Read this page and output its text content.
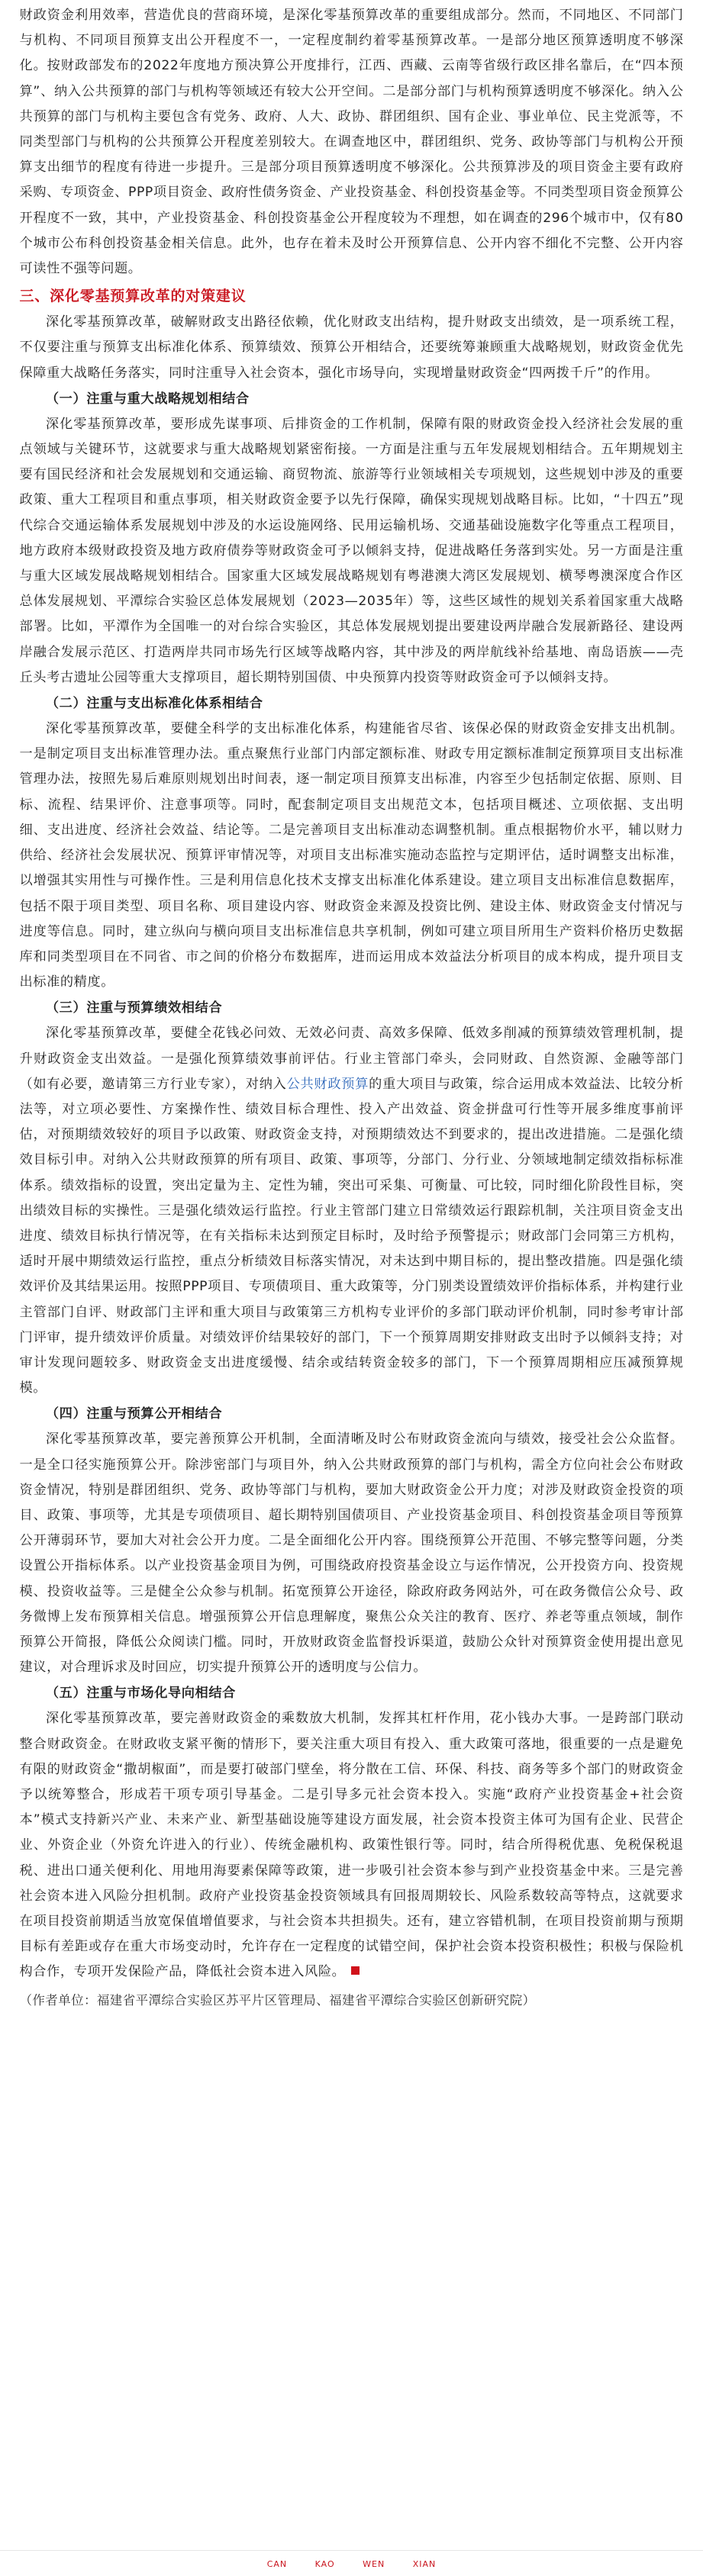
财政资金利用效率，营造优良的营商环境，是深化零基预算改革的重要组成部分。然而，不同地区、不同部门与机构、不同项目预算支出公开程度不一，一定程度制约着零基预算改革。一是部分地区预算透明度不够深化。按财政部发布的2022年度地方预决算公开度排行，江西、西藏、云南等省级行政区排名靠后，在“四本预算”、纳入公共预算的部门与机构等领域还有较大公开空间。二是部分部门与机构预算透明度不够深化。纳入公共预算的部门与机构主要包含有党务、政府、人大、政协、群团组织、国有企业、事业单位、民主党派等，不同类型部门与机构的公共预算公开程度差别较大。在调查地区中，群团组织、党务、政协等部门与机构公开预算支出细节的程度有待进一步提升。三是部分项目预算透明度不够深化。公共预算涉及的项目资金主要有政府采购、专项资金、PPP项目资金、政府性债务资金、产业投资基金、科创投资基金等。不同类型项目资金预算公开程度不一致，其中，产业投资基金、科创投资基金公开程度较为不理想，如在调查的296个城市中，仅有80个城市公布科创投资基金相关信息。此外，也存在着未及时公开预算信息、公开内容不细化不完整、公开内容可读性不强等问题。

三、深化零基预算改革的对策建议

深化零基预算改革，破解财政支出路径依赖，优化财政支出结构，提升财政支出绩效，是一项系统工程，不仅要注重与预算支出标准化体系、预算绩效、预算公开相结合，还要统筹兼顾重大战略规划，财政资金优先保障重大战略任务落实，同时注重导入社会资本，强化市场导向，实现增量财政资金“四两拨千斤”的作用。

（一）注重与重大战略规划相结合

深化零基预算改革，要形成先谋事项、后排资金的工作机制，保障有限的财政资金投入经济社会发展的重点领域与关键环节，这就要求与重大战略规划紧密衔接。一方面是注重与五年发展规划相结合。五年期规划主要有国民经济和社会发展规划和交通运输、商贸物流、旅游等行业领域相关专项规划，这些规划中涉及的重要政策、重大工程项目和重点事项，相关财政资金要予以先行保障，确保实现规划战略目标。比如，“十四五”现代综合交通运输体系发展规划中涉及的水运设施网络、民用运输机场、交通基础设施数字化等重点工程项目，地方政府本级财政投资及地方政府债券等财政资金可予以倾斜支持，促进战略任务落到实处。另一方面是注重与重大区域发展战略规划相结合。国家重大区域发展战略规划有粤港澳大湾区发展规划、横琴粤澳深度合作区总体发展规划、平潭综合实验区总体发展规划（2023—2035年）等，这些区域性的规划关系着国家重大战略部署。比如，平潭作为全国唯一的对台综合实验区，其总体发展规划提出要建设两岸融合发展新路径、建设两岸融合发展示范区、打造两岸共同市场先行区域等战略内容，其中涉及的两岸航线补给基地、南岛语族——壳丘头考古遗址公园等重大支撑项目，超长期特别国债、中央预算内投资等财政资金可予以倾斜支持。

（二）注重与支出标准化体系相结合

深化零基预算改革，要健全科学的支出标准化体系，构建能省尽省、该保必保的财政资金安排支出机制。一是制定项目支出标准管理办法。重点聚焦行业部门内部定额标准、财政专用定额标准制定预算项目支出标准管理办法，按照先易后难原则规划出时间表，逐一制定项目预算支出标准，内容至少包括制定依据、原则、目标、流程、结果评价、注意事项等。同时，配套制定项目支出规范文本，包括项目概述、立项依据、支出明细、支出进度、经济社会效益、结论等。二是完善项目支出标准动态调整机制。重点根据物价水平，辅以财力供给、经济社会发展状况、预算评审情况等，对项目支出标准实施动态监控与定期评估，适时调整支出标准，以增强其实用性与可操作性。三是利用信息化技术支撑支出标准化体系建设。建立项目支出标准信息数据库，包括不限于项目类型、项目名称、项目建设内容、财政资金来源及投资比例、建设主体、财政资金支付情况与进度等信息。同时，建立纵向与横向项目支出标准信息共享机制，例如可建立项目所用生产资料价格历史数据库和同类型项目在不同省、市之间的价格分布数据库，进而运用成本效益法分析项目的成本构成，提升项目支出标准的精度。

（三）注重与预算绩效相结合

深化零基预算改革，要健全花钱必问效、无效必问责、高效多保障、低效多削减的预算绩效管理机制，提升财政资金支出效益。一是强化预算绩效事前评估。行业主管部门牵头，会同财政、自然资源、金融等部门（如有必要，邀请第三方行业专家），对纳入公共财政预算的重大项目与政策，综合运用成本效益法、比较分析法等，对立项必要性、方案操作性、绩效目标合理性、投入产出效益、资金拼盘可行性等开展多维度事前评估，对预期绩效较好的项目予以政策、财政资金支持，对预期绩效达不到要求的，提出改进措施。二是强化绩效目标引申。对纳入公共财政预算的所有项目、政策、事项等，分部门、分行业、分领域地制定绩效指标标准体系。绩效指标的设置，突出定量为主、定性为辅，突出可采集、可衡量、可比较，同时细化阶段性目标，突出绩效目标的实操性。三是强化绩效运行监控。行业主管部门建立日常绩效运行跟踪机制，关注项目资金支出进度、绩效目标执行情况等，在有关指标未达到预定目标时，及时给予预警提示；财政部门会同第三方机构，适时开展中期绩效运行监控，重点分析绩效目标落实情况，对未达到中期目标的，提出整改措施。四是强化绩效评价及其结果运用。按照PPP项目、专项债项目、重大政策等，分门别类设置绩效评价指标体系，并构建行业主管部门自评、财政部门主评和重大项目与政策第三方机构专业评价的多部门联动评价机制，同时参考审计部门评审，提升绩效评价质量。对绩效评价结果较好的部门，下一个预算周期安排财政支出时予以倾斜支持；对审计发现问题较多、财政资金支出进度缓慢、结余或结转资金较多的部门，下一个预算周期相应压减预算规模。

（四）注重与预算公开相结合

深化零基预算改革，要完善预算公开机制，全面清晰及时公布财政资金流向与绩效，接受社会公众监督。一是全口径实施预算公开。除涉密部门与项目外，纳入公共财政预算的部门与机构，需全方位向社会公布财政资金情况，特别是群团组织、党务、政协等部门与机构，要加大财政资金公开力度；对涉及财政资金投资的项目、政策、事项等，尤其是专项债项目、超长期特别国债项目、产业投资基金项目、科创投资基金项目等预算公开薄弱环节，要加大对社会公开力度。二是全面细化公开内容。围绕预算公开范围、不够完整等问题，分类设置公开指标体系。以产业投资基金项目为例，可围绕政府投资基金设立与运作情况，公开投资方向、投资规模、投资收益等。三是健全公众参与机制。拓宽预算公开途径，除政府政务网站外，可在政务微信公众号、政务微博上发布预算相关信息。增强预算公开信息理解度，聚焦公众关注的教育、医疗、养老等重点领域，制作预算公开简报，降低公众阅读门槛。同时，开放财政资金监督投诉渠道，鼓励公众针对预算资金使用提出意见建议，对合理诉求及时回应，切实提升预算公开的透明度与公信力。

（五）注重与市场化导向相结合

深化零基预算改革，要完善财政资金的乘数放大机制，发挥其杠杆作用，花小钱办大事。一是跨部门联动整合财政资金。在财政收支紧平衡的情形下，要关注重大项目有投入、重大政策可落地，很重要的一点是避免有限的财政资金“撒胡椒面”，而是要打破部门壁垒，将分散在工信、环保、科技、商务等多个部门的财政资金予以统筹整合，形成若干项专项引导基金。二是引导多元社会资本投入。实施“政府产业投资基金+社会资本”模式支持新兴产业、未来产业、新型基础设施等建设方面发展，社会资本投资主体可为国有企业、民营企业、外资企业（外资允许进入的行业）、传统金融机构、政策性银行等。同时，结合所得税优惠、免税保税退税、进出口通关便利化、用地用海要素保障等政策，进一步吸引社会资本参与到产业投资基金中来。三是完善社会资本进入风险分担机制。政府产业投资基金投资领域具有回报周期较长、风险系数较高等特点，这就要求在项目投资前期适当放宽保值增值要求，与社会资本共担损失。还有，建立容错机制，在项目投资前期与预期目标有差距或存在重大市场变动时，允许存在一定程度的试错空间，保护社会资本投资积极性；积极与保险机构合作，专项开发保险产品，降低社会资本进入风险。

（作者单位：福建省平潭综合实验区苏平片区管理局、福建省平潭综合实验区创新研究院）

CAN	KAO	WEN	XIAN
